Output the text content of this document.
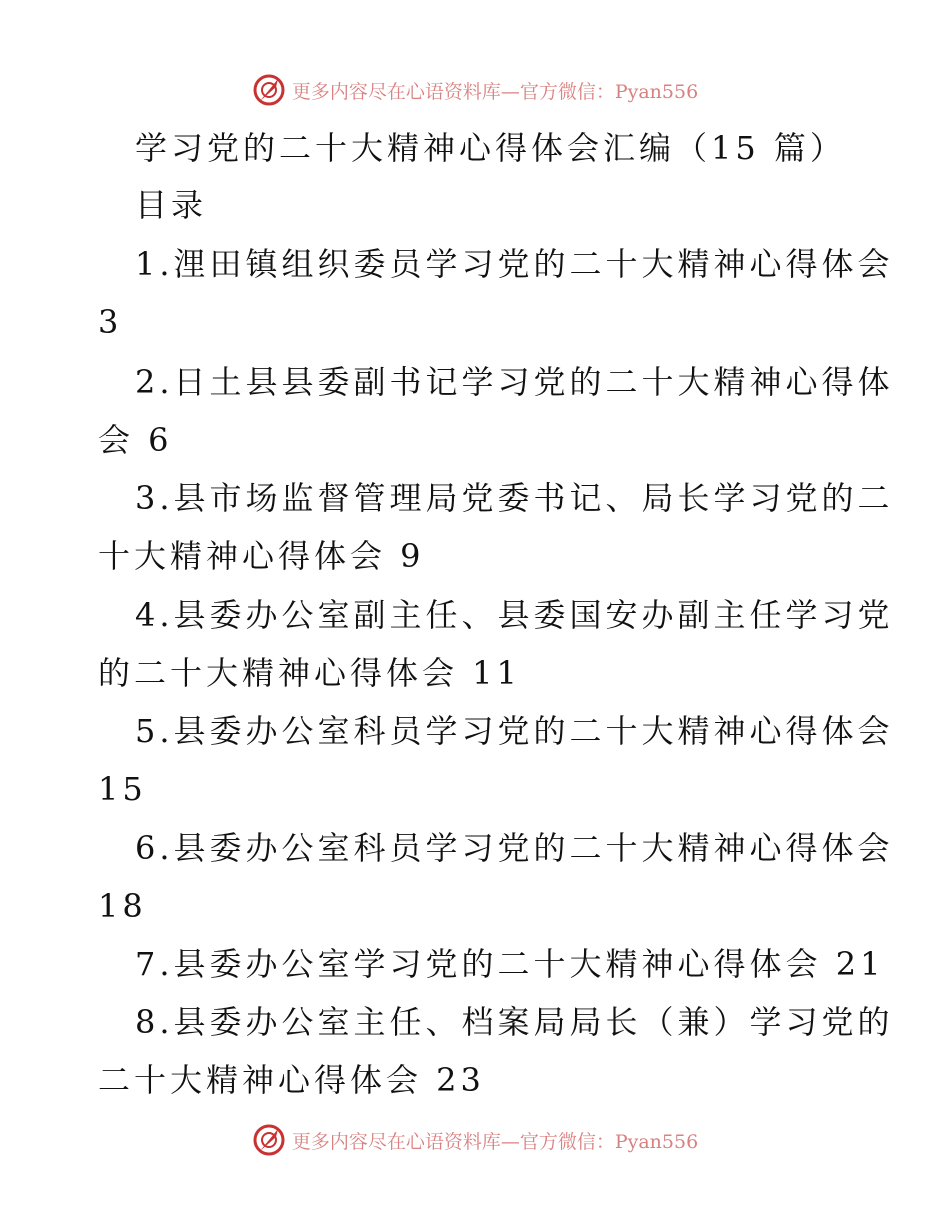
更多内容尽在心语资料库—官方微信：Pyan556
学习党的二十大精神心得体会汇编（15 篇）
目录
1.浬田镇组织委员学习党的二十大精神心得体会
3
2.日土县县委副书记学习党的二十大精神心得体
会 6
3.县市场监督管理局党委书记、局长学习党的二
十大精神心得体会 9
4.县委办公室副主任、县委国安办副主任学习党
的二十大精神心得体会 11
5.县委办公室科员学习党的二十大精神心得体会
15
6.县委办公室科员学习党的二十大精神心得体会
18
7.县委办公室学习党的二十大精神心得体会 21
8.县委办公室主任、档案局局长（兼）学习党的
二十大精神心得体会 23
更多内容尽在心语资料库—官方微信：Pyan556
